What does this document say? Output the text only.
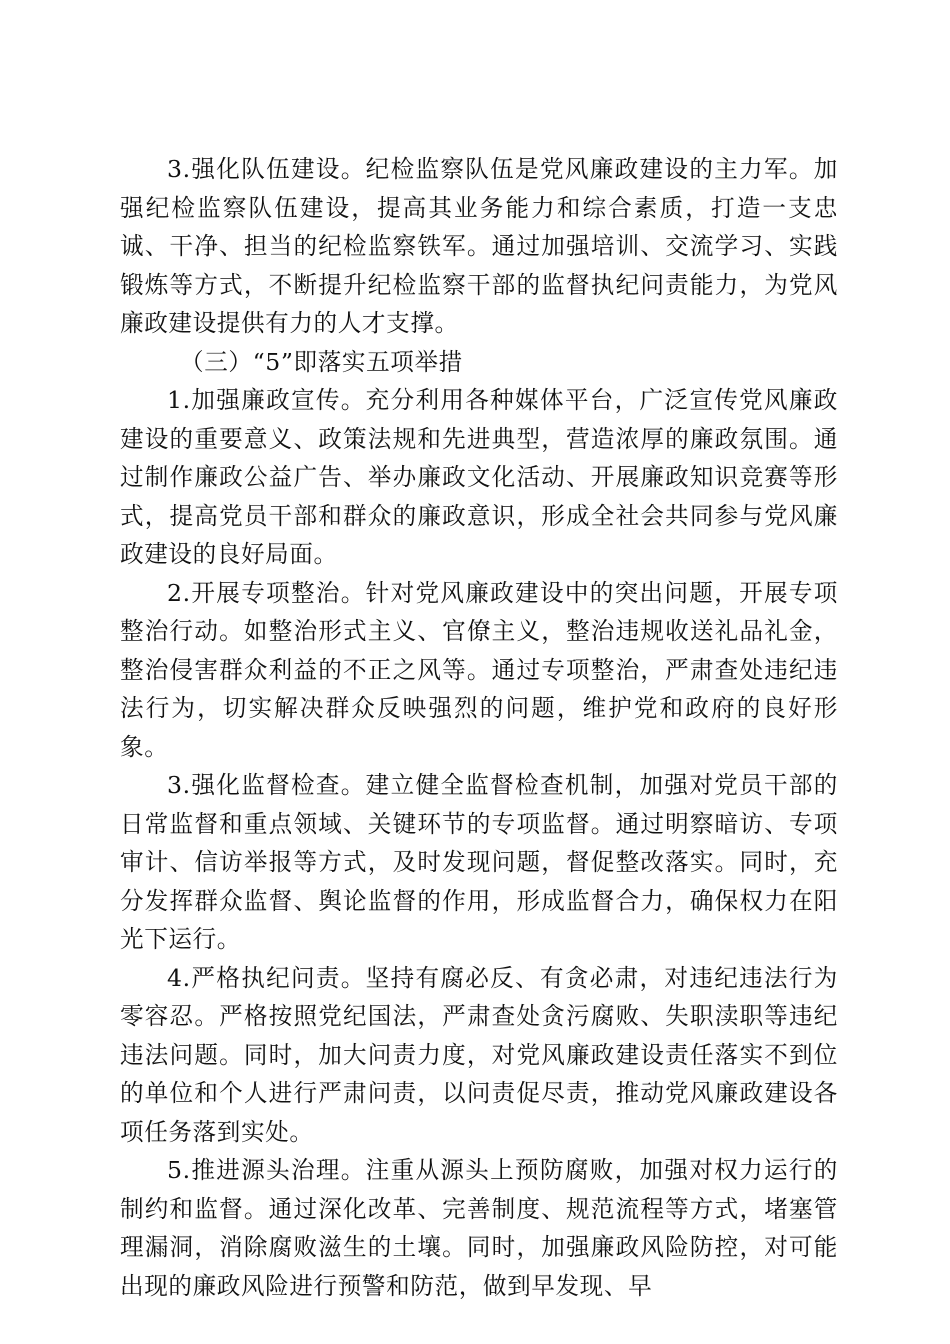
3.强化队伍建设。纪检监察队伍是党风廉政建设的主力军。加强纪检监察队伍建设，提高其业务能力和综合素质，打造一支忠诚、干净、担当的纪检监察铁军。通过加强培训、交流学习、实践锻炼等方式，不断提升纪检监察干部的监督执纪问责能力，为党风廉政建设提供有力的人才支撑。

（三）“5”即落实五项举措

1.加强廉政宣传。充分利用各种媒体平台，广泛宣传党风廉政建设的重要意义、政策法规和先进典型，营造浓厚的廉政氛围。通过制作廉政公益广告、举办廉政文化活动、开展廉政知识竞赛等形式，提高党员干部和群众的廉政意识，形成全社会共同参与党风廉政建设的良好局面。

2.开展专项整治。针对党风廉政建设中的突出问题，开展专项整治行动。如整治形式主义、官僚主义，整治违规收送礼品礼金，整治侵害群众利益的不正之风等。通过专项整治，严肃查处违纪违法行为，切实解决群众反映强烈的问题，维护党和政府的良好形象。

3.强化监督检查。建立健全监督检查机制，加强对党员干部的日常监督和重点领域、关键环节的专项监督。通过明察暗访、专项审计、信访举报等方式，及时发现问题，督促整改落实。同时，充分发挥群众监督、舆论监督的作用，形成监督合力，确保权力在阳光下运行。

4.严格执纪问责。坚持有腐必反、有贪必肃，对违纪违法行为零容忍。严格按照党纪国法，严肃查处贪污腐败、失职渎职等违纪违法问题。同时，加大问责力度，对党风廉政建设责任落实不到位的单位和个人进行严肃问责，以问责促尽责，推动党风廉政建设各项任务落到实处。

5.推进源头治理。注重从源头上预防腐败，加强对权力运行的制约和监督。通过深化改革、完善制度、规范流程等方式，堵塞管理漏洞，消除腐败滋生的土壤。同时，加强廉政风险防控，对可能出现的廉政风险进行预警和防范，做到早发现、早
